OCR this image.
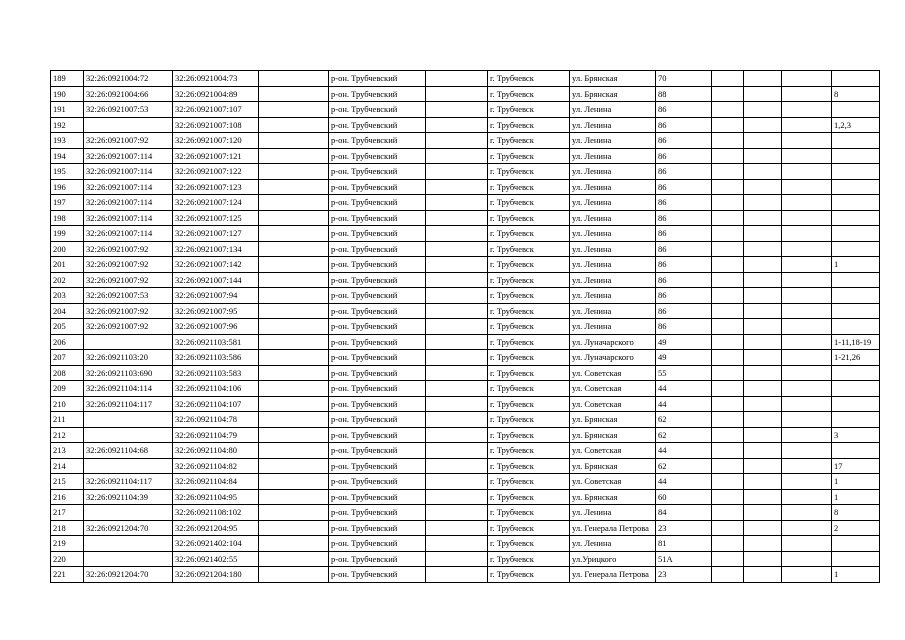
189	32:26:0921004:72	32:26:0921004:73		р-он. Трубчевский		г. Трубчевск	ул. Брянская	70				
190	32:26:0921004:66	32:26:0921004:89		р-он. Трубчевский		г. Трубчевск	ул. Брянская	88				8
191	32:26:0921007:53	32:26:0921007:107		р-он. Трубчевский		г. Трубчевск	ул. Ленина	86				
192		32:26:0921007:108		р-он. Трубчевский		г. Трубчевск	ул. Ленина	86				1,2,3
193	32:26:0921007:92	32:26:0921007:120		р-он. Трубчевский		г. Трубчевск	ул. Ленина	86				
194	32:26:0921007:114	32:26:0921007:121		р-он. Трубчевский		г. Трубчевск	ул. Ленина	86				
195	32:26:0921007:114	32:26:0921007:122		р-он. Трубчевский		г. Трубчевск	ул. Ленина	86				
196	32:26:0921007:114	32:26:0921007:123		р-он. Трубчевский		г. Трубчевск	ул. Ленина	86				
197	32:26:0921007:114	32:26:0921007:124		р-он. Трубчевский		г. Трубчевск	ул. Ленина	86				
198	32:26:0921007:114	32:26:0921007:125		р-он. Трубчевский		г. Трубчевск	ул. Ленина	86				
199	32:26:0921007:114	32:26:0921007:127		р-он. Трубчевский		г. Трубчевск	ул. Ленина	86				
200	32:26:0921007:92	32:26:0921007:134		р-он. Трубчевский		г. Трубчевск	ул. Ленина	86				
201	32:26:0921007:92	32:26:0921007:142		р-он. Трубчевский		г. Трубчевск	ул. Ленина	86				1
202	32:26:0921007:92	32:26:0921007:144		р-он. Трубчевский		г. Трубчевск	ул. Ленина	86				
203	32:26:0921007:53	32:26:0921007:94		р-он. Трубчевский		г. Трубчевск	ул. Ленина	86				
204	32:26:0921007:92	32:26:0921007:95		р-он. Трубчевский		г. Трубчевск	ул. Ленина	86				
205	32:26:0921007:92	32:26:0921007:96		р-он. Трубчевский		г. Трубчевск	ул. Ленина	86				
206		32:26:0921103:581		р-он. Трубчевский		г. Трубчевск	ул. Луначарского	49				1-11,18-19
207	32:26:0921103:20	32:26:0921103:586		р-он. Трубчевский		г. Трубчевск	ул. Луначарского	49				1-21,26
208	32:26:0921103:690	32:26:0921103:583		р-он. Трубчевский		г. Трубчевск	ул. Советская	55				
209	32:26:0921104:114	32:26:0921104:106		р-он. Трубчевский		г. Трубчевск	ул. Советская	44				
210	32:26:0921104:117	32:26:0921104:107		р-он. Трубчевский		г. Трубчевск	ул. Советская	44				
211		32:26:0921104:78		р-он. Трубчевский		г. Трубчевск	ул. Брянская	62				
212		32:26:0921104:79		р-он. Трубчевский		г. Трубчевск	ул. Брянская	62				3
213	32:26:0921104:68	32:26:0921104:80		р-он. Трубчевский		г. Трубчевск	ул. Советская	44				
214		32:26:0921104:82		р-он. Трубчевский		г. Трубчевск	ул. Брянская	62				17
215	32:26:0921104:117	32:26:0921104:84		р-он. Трубчевский		г. Трубчевск	ул. Советская	44				1
216	32:26:0921104:39	32:26:0921104:95		р-он. Трубчевский		г. Трубчевск	ул. Брянская	60				1
217		32:26:0921108:102		р-он. Трубчевский		г. Трубчевск	ул. Ленина	84				8
218	32:26:0921204:70	32:26:0921204:95		р-он. Трубчевский		г. Трубчевск	ул. Генерала Петрова	23				2
219		32:26:0921402:104		р-он. Трубчевский		г. Трубчевск	ул. Ленина	81				
220		32:26:0921402:55		р-он. Трубчевский		г. Трубчевск	ул.Урицкого	51А				
221	32:26:0921204:70	32:26:0921204:180		р-он. Трубчевский		г. Трубчевск	ул. Генерала Петрова	23				1
